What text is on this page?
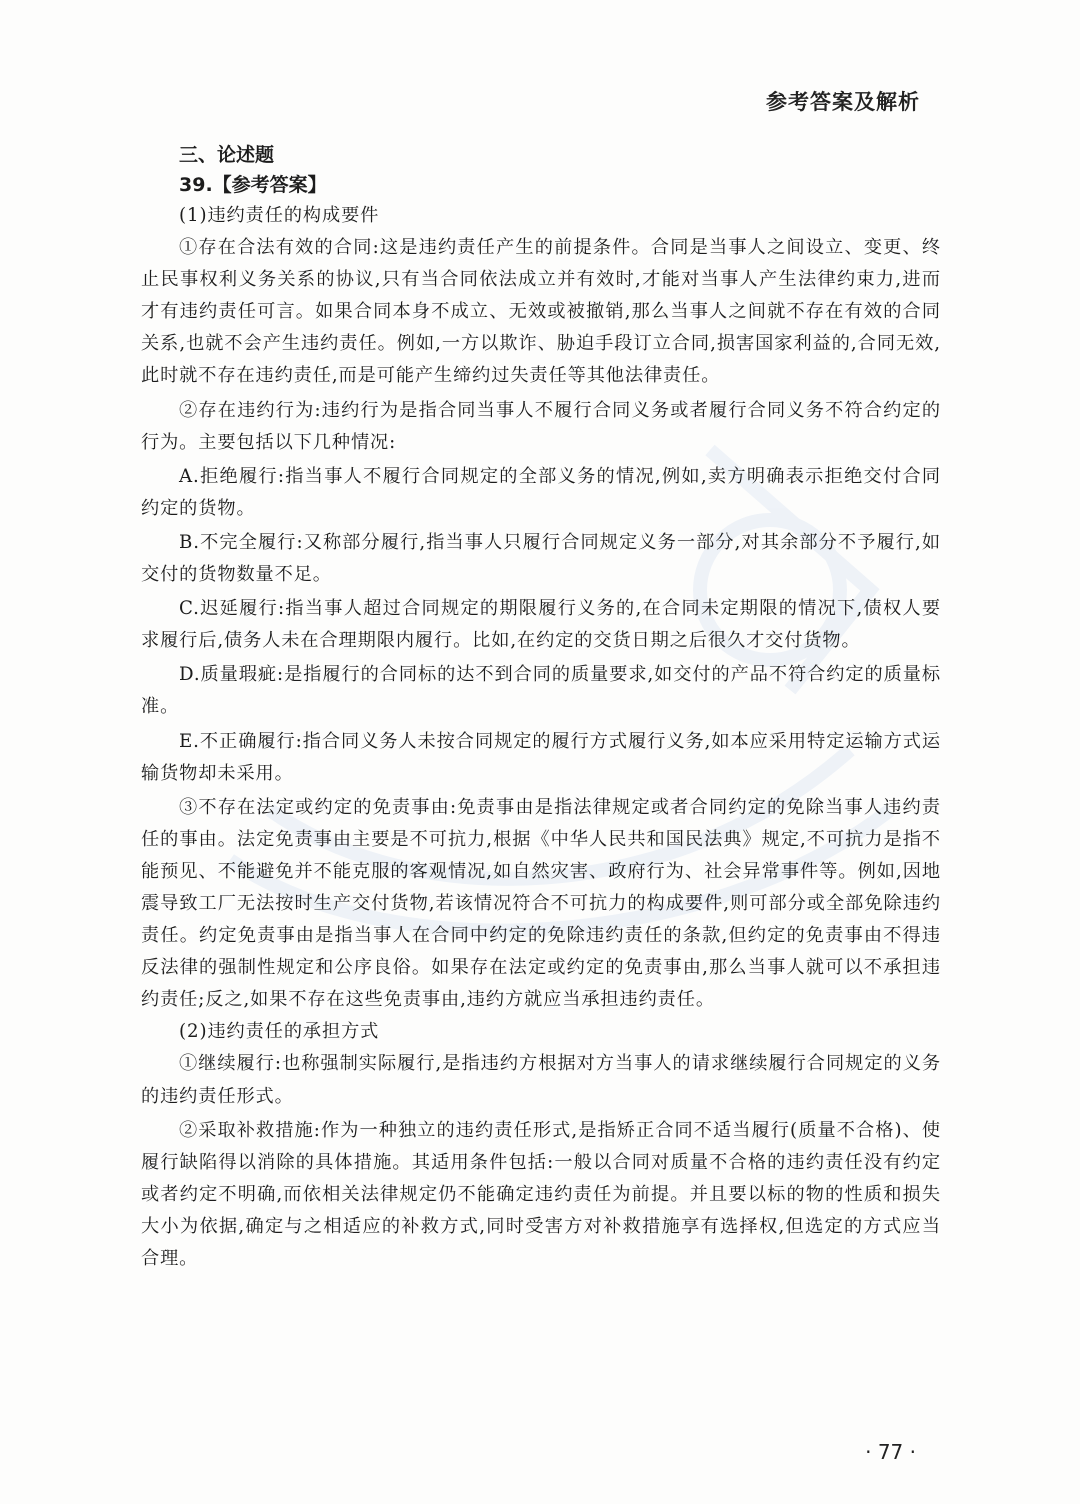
参考答案及解析
三、论述题
39.【参考答案】

(1)违约责任的构成要件

①存在合法有效的合同:这是违约责任产生的前提条件。合同是当事人之间设立、变更、终止民事权利义务关系的协议,只有当合同依法成立并有效时,才能对当事人产生法律约束力,进而才有违约责任可言。如果合同本身不成立、无效或被撤销,那么当事人之间就不存在有效的合同关系,也就不会产生违约责任。例如,一方以欺诈、胁迫手段订立合同,损害国家利益的,合同无效,此时就不存在违约责任,而是可能产生缔约过失责任等其他法律责任。

②存在违约行为:违约行为是指合同当事人不履行合同义务或者履行合同义务不符合约定的行为。主要包括以下几种情况:

A.拒绝履行:指当事人不履行合同规定的全部义务的情况,例如,卖方明确表示拒绝交付合同约定的货物。

B.不完全履行:又称部分履行,指当事人只履行合同规定义务一部分,对其余部分不予履行,如交付的货物数量不足。

C.迟延履行:指当事人超过合同规定的期限履行义务的,在合同未定期限的情况下,债权人要求履行后,债务人未在合理期限内履行。比如,在约定的交货日期之后很久才交付货物。

D.质量瑕疵:是指履行的合同标的达不到合同的质量要求,如交付的产品不符合约定的质量标准。

E.不正确履行:指合同义务人未按合同规定的履行方式履行义务,如本应采用特定运输方式运输货物却未采用。

③不存在法定或约定的免责事由:免责事由是指法律规定或者合同约定的免除当事人违约责任的事由。法定免责事由主要是不可抗力,根据《中华人民共和国民法典》规定,不可抗力是指不能预见、不能避免并不能克服的客观情况,如自然灾害、政府行为、社会异常事件等。例如,因地震导致工厂无法按时生产交付货物,若该情况符合不可抗力的构成要件,则可部分或全部免除违约责任。约定免责事由是指当事人在合同中约定的免除违约责任的条款,但约定的免责事由不得违反法律的强制性规定和公序良俗。如果存在法定或约定的免责事由,那么当事人就可以不承担违约责任;反之,如果不存在这些免责事由,违约方就应当承担违约责任。

(2)违约责任的承担方式

①继续履行:也称强制实际履行,是指违约方根据对方当事人的请求继续履行合同规定的义务的违约责任形式。

②采取补救措施:作为一种独立的违约责任形式,是指矫正合同不适当履行(质量不合格)、使履行缺陷得以消除的具体措施。其适用条件包括:一般以合同对质量不合格的违约责任没有约定或者约定不明确,而依相关法律规定仍不能确定违约责任为前提。并且要以标的物的性质和损失大小为依据,确定与之相适应的补救方式,同时受害方对补救措施享有选择权,但选定的方式应当合理。

· 77 ·
